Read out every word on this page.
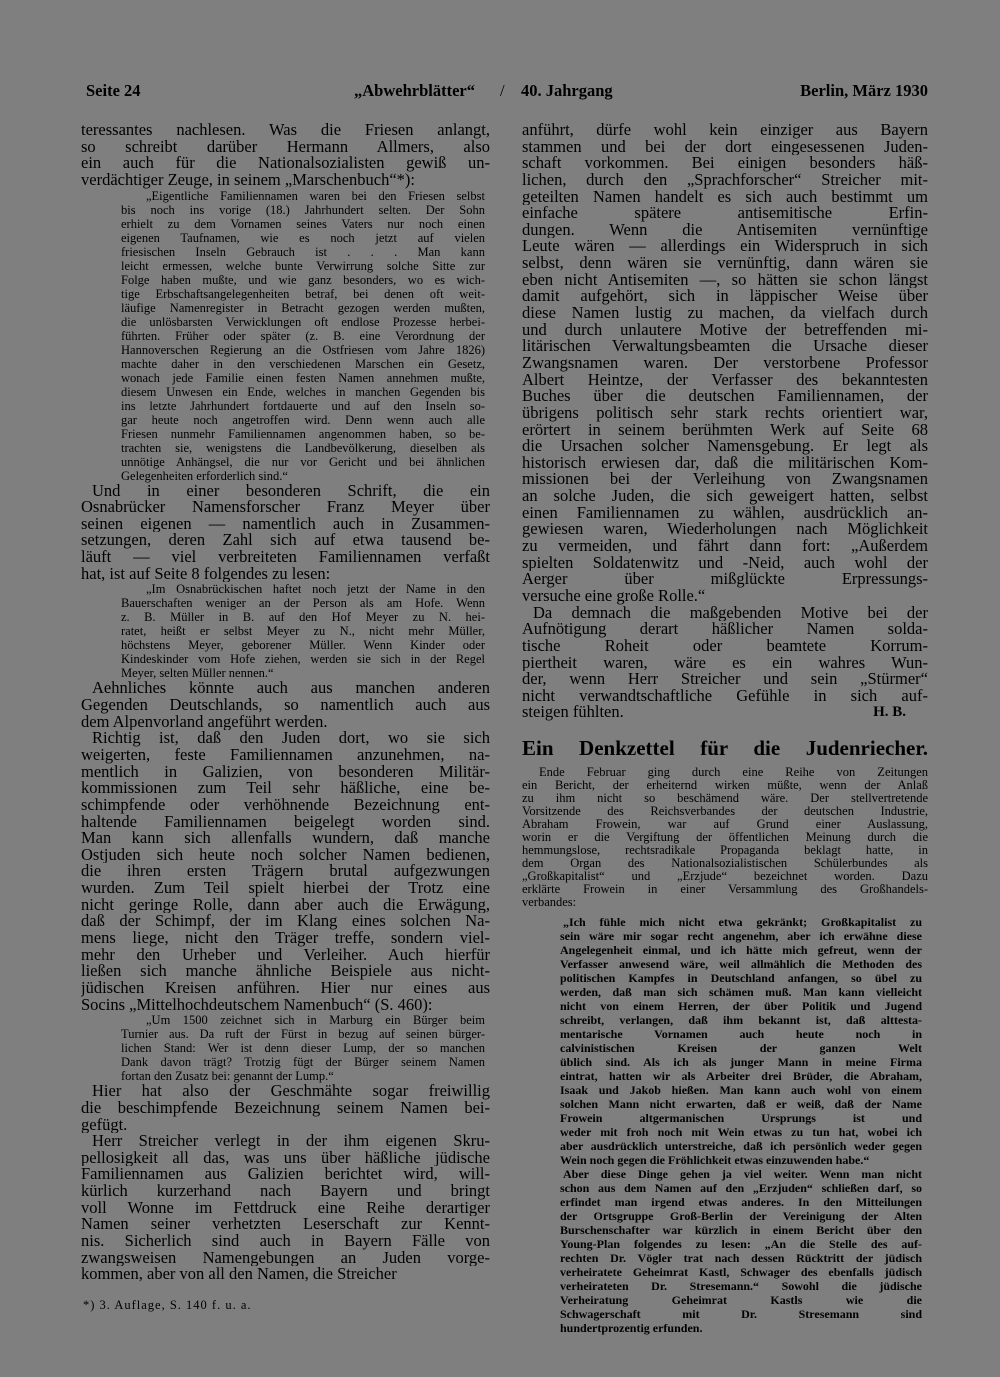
Seite 24	„Abwehrblätter“ / 40. Jahrgang	Berlin, März 1930
teressantes nachlesen. Was die Friesen anlangt,
so schreibt darüber Hermann Allmers, also
ein auch für die Nationalsozialisten gewiß un-
verdächtiger Zeuge, in seinem „Marschenbuch“*):
„Eigentliche Familiennamen waren bei den Friesen selbst
bis noch ins vorige (18.) Jahrhundert selten. Der Sohn
erhielt zu dem Vornamen seines Vaters nur noch einen
eigenen Taufnamen, wie es noch jetzt auf vielen
friesischen Inseln Gebrauch ist . . . Man kann
leicht ermessen, welche bunte Verwirrung solche Sitte zur
Folge haben mußte, und wie ganz besonders, wo es wich-
tige Erbschaftsangelegenheiten betraf, bei denen oft weit-
läufige Namenregister in Betracht gezogen werden mußten,
die unlösbarsten Verwicklungen oft endlose Prozesse herbei-
führten. Früher oder später (z. B. eine Verordnung der
Hannoverschen Regierung an die Ostfriesen vom Jahre 1826)
machte daher in den verschiedenen Marschen ein Gesetz,
wonach jede Familie einen festen Namen annehmen mußte,
diesem Unwesen ein Ende, welches in manchen Gegenden bis
ins letzte Jahrhundert fortdauerte und auf den Inseln so-
gar heute noch angetroffen wird. Denn wenn auch alle
Friesen nunmehr Familiennamen angenommen haben, so be-
trachten sie, wenigstens die Landbevölkerung, dieselben als
unnötige Anhängsel, die nur vor Gericht und bei ähnlichen
Gelegenheiten erforderlich sind.“
Und in einer besonderen Schrift, die ein
Osnabrücker Namensforscher Franz Meyer über
seinen eigenen — namentlich auch in Zusammen-
setzungen, deren Zahl sich auf etwa tausend be-
läuft — viel verbreiteten Familiennamen verfaßt
hat, ist auf Seite 8 folgendes zu lesen:
„Im Osnabrückischen haftet noch jetzt der Name in den
Bauerschaften weniger an der Person als am Hofe. Wenn
z. B. Müller in B. auf den Hof Meyer zu N. hei-
ratet, heißt er selbst Meyer zu N., nicht mehr Müller,
höchstens Meyer, geborener Müller. Wenn Kinder oder
Kindeskinder vom Hofe ziehen, werden sie sich in der Regel
Meyer, selten Müller nennen.“
Aehnliches könnte auch aus manchen anderen
Gegenden Deutschlands, so namentlich auch aus
dem Alpenvorland angeführt werden.
Richtig ist, daß den Juden dort, wo sie sich
weigerten, feste Familiennamen anzunehmen, na-
mentlich in Galizien, von besonderen Militär-
kommissionen zum Teil sehr häßliche, eine be-
schimpfende oder verhöhnende Bezeichnung ent-
haltende Familiennamen beigelegt worden sind.
Man kann sich allenfalls wundern, daß manche
Ostjuden sich heute noch solcher Namen bedienen,
die ihren ersten Trägern brutal aufgezwungen
wurden. Zum Teil spielt hierbei der Trotz eine
nicht geringe Rolle, dann aber auch die Erwägung,
daß der Schimpf, der im Klang eines solchen Na-
mens liege, nicht den Träger treffe, sondern viel-
mehr den Urheber und Verleiher. Auch hierfür
ließen sich manche ähnliche Beispiele aus nicht-
jüdischen Kreisen anführen. Hier nur eines aus
Socins „Mittelhochdeutschem Namenbuch“ (S. 460):
„Um 1500 zeichnet sich in Marburg ein Bürger beim
Turnier aus. Da ruft der Fürst in bezug auf seinen bürger-
lichen Stand: Wer ist denn dieser Lump, der so manchen
Dank davon trägt? Trotzig fügt der Bürger seinem Namen
fortan den Zusatz bei: genannt der Lump.“
Hier hat also der Geschmähte sogar freiwillig
die beschimpfende Bezeichnung seinem Namen bei-
gefügt.
Herr Streicher verlegt in der ihm eigenen Skru-
pellosigkeit all das, was uns über häßliche jüdische
Familiennamen aus Galizien berichtet wird, will-
kürlich kurzerhand nach Bayern und bringt
voll Wonne im Fettdruck eine Reihe derartiger
Namen seiner verhetzten Leserschaft zur Kennt-
nis. Sicherlich sind auch in Bayern Fälle von
zwangsweisen Namengebungen an Juden vorge-
kommen, aber von all den Namen, die Streicher
*) 3. Auflage, S. 140 f. u. a.
anführt, dürfe wohl kein einziger aus Bayern
stammen und bei der dort eingesessenen Juden-
schaft vorkommen. Bei einigen besonders häß-
lichen, durch den „Sprachforscher“ Streicher mit-
geteilten Namen handelt es sich auch bestimmt um
einfache spätere antisemitische Erfin-
dungen. Wenn die Antisemiten vernünftige
Leute wären — allerdings ein Widerspruch in sich
selbst, denn wären sie vernünftig, dann wären sie
eben nicht Antisemiten —, so hätten sie schon längst
damit aufgehört, sich in läppischer Weise über
diese Namen lustig zu machen, da vielfach durch
und durch unlautere Motive der betreffenden mi-
litärischen Verwaltungsbeamten die Ursache dieser
Zwangsnamen waren. Der verstorbene Professor
Albert Heintze, der Verfasser des bekanntesten
Buches über die deutschen Familiennamen, der
übrigens politisch sehr stark rechts orientiert war,
erörtert in seinem berühmten Werk auf Seite 68
die Ursachen solcher Namensgebung. Er legt als
historisch erwiesen dar, daß die militärischen Kom-
missionen bei der Verleihung von Zwangsnamen
an solche Juden, die sich geweigert hatten, selbst
einen Familiennamen zu wählen, ausdrücklich an-
gewiesen waren, Wiederholungen nach Möglichkeit
zu vermeiden, und fährt dann fort: „Außerdem
spielten Soldatenwitz und -Neid, auch wohl der
Aerger über mißglückte Erpressungs-
versuche eine große Rolle.“
Da demnach die maßgebenden Motive bei der
Aufnötigung derart häßlicher Namen solda-
tische Roheit oder beamtete Korrum-
piertheit waren, wäre es ein wahres Wun-
der, wenn Herr Streicher und sein „Stürmer“
nicht verwandtschaftliche Gefühle in sich auf-
steigen fühlten.	H. B.
Ein Denkzettel für die Judenriecher.
Ende Februar ging durch eine Reihe von Zeitungen
ein Bericht, der erheiternd wirken müßte, wenn der Anlaß
zu ihm nicht so beschämend wäre. Der stellvertretende
Vorsitzende des Reichsverbandes der deutschen Industrie,
Abraham Frowein, war auf Grund einer Auslassung,
worin er die Vergiftung der öffentlichen Meinung durch die
hemmungslose, rechtsradikale Propaganda beklagt hatte, in
dem Organ des Nationalsozialistischen Schülerbundes als
„Großkapitalist“ und „Erzjude“ bezeichnet worden. Dazu
erklärte Frowein in einer Versammlung des Großhandels-
verbandes:
„Ich fühle mich nicht etwa gekränkt; Großkapitalist zu
sein wäre mir sogar recht angenehm, aber ich erwähne diese
Angelegenheit einmal, und ich hätte mich gefreut, wenn der
Verfasser anwesend wäre, weil allmählich die Methoden des
politischen Kampfes in Deutschland anfangen, so übel zu
werden, daß man sich schämen muß. Man kann vielleicht
nicht von einem Herren, der über Politik und Jugend
schreibt, verlangen, daß ihm bekannt ist, daß alttesta-
mentarische Vornamen auch heute noch in
calvinistischen Kreisen der ganzen Welt
üblich sind. Als ich als junger Mann in meine Firma
eintrat, hatten wir als Arbeiter drei Brüder, die Abraham,
Isaak und Jakob hießen. Man kann auch wohl von einem
solchen Mann nicht erwarten, daß er weiß, daß der Name
Frowein altgermanischen Ursprungs ist und
weder mit froh noch mit Wein etwas zu tun hat, wobei ich
aber ausdrücklich unterstreiche, daß ich persönlich weder gegen
Wein noch gegen die Fröhlichkeit etwas einzuwenden habe.“
Aber diese Dinge gehen ja viel weiter. Wenn man nicht
schon aus dem Namen auf den „Erzjuden“ schließen darf, so
erfindet man irgend etwas anderes. In den Mitteilungen
der Ortsgruppe Groß-Berlin der Vereinigung der Alten
Burschenschafter war kürzlich in einem Bericht über den
Young-Plan folgendes zu lesen: „An die Stelle des auf-
rechten Dr. Vögler trat nach dessen Rücktritt der jüdisch
verheiratete Geheimrat Kastl, Schwager des ebenfalls jüdisch
verheirateten Dr. Stresemann.“ Sowohl die jüdische
Verheiratung Geheimrat Kastls wie die
Schwagerschaft mit Dr. Stresemann sind
hundertprozentig erfunden.
